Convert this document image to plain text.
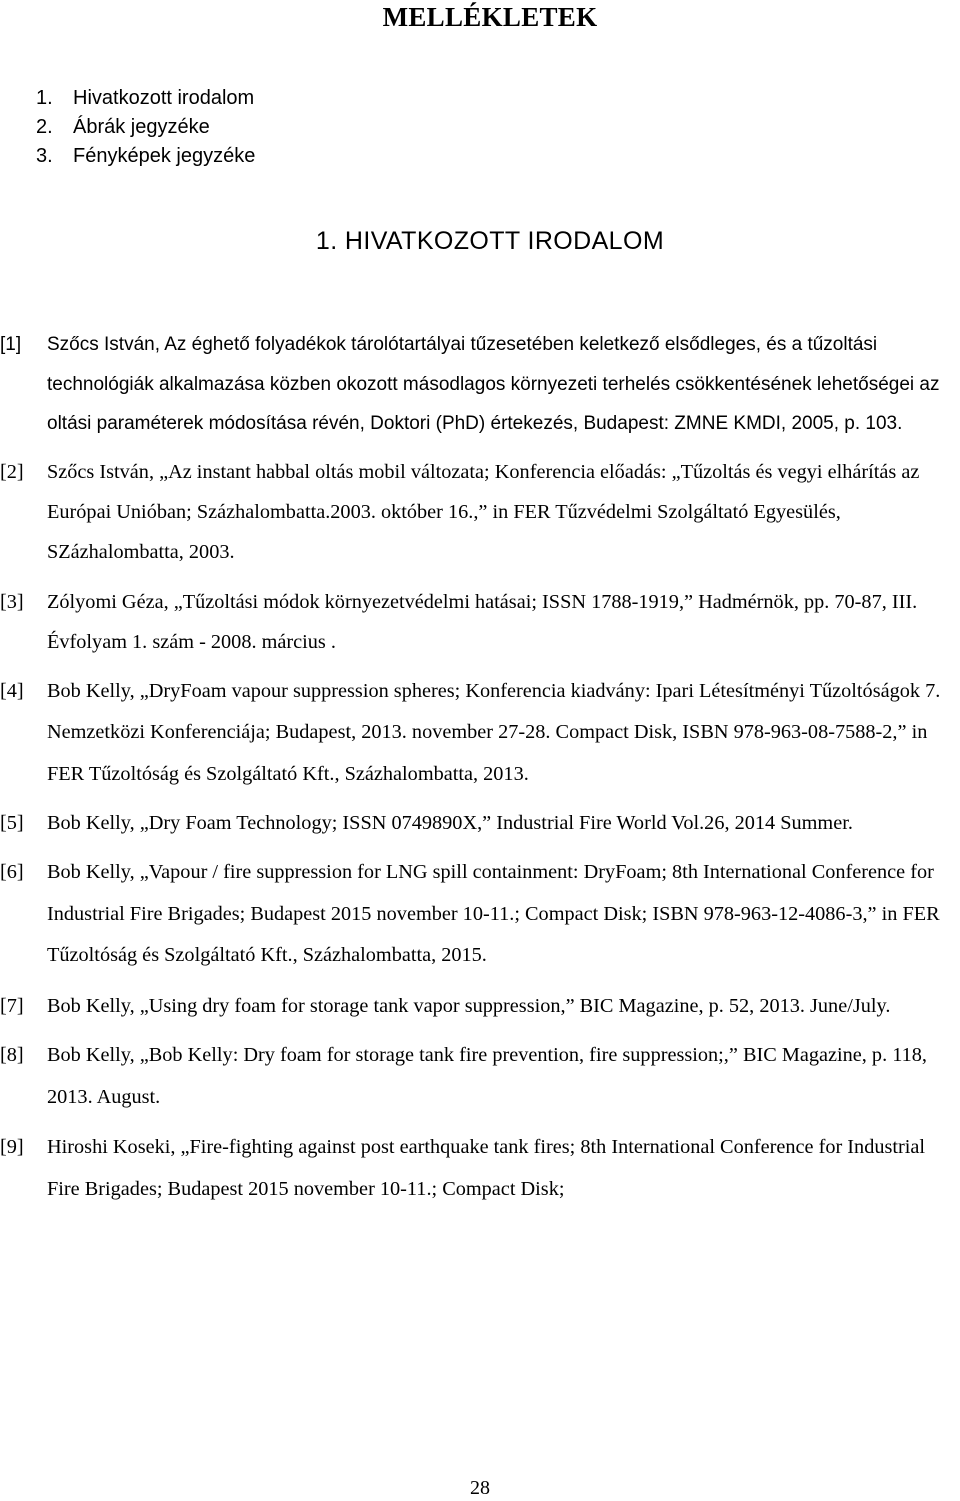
MELLÉKLETEK
1. Hivatkozott irodalom
2. Ábrák jegyzéke
3. Fényképek jegyzéke
1. HIVATKOZOTT IRODALOM
[1] Szőcs István, Az éghető folyadékok tárolótartályai tűzesetében keletkező elsődleges, és a tűzoltási technológiák alkalmazása közben okozott másodlagos környezeti terhelés csökkentésének lehetőségei az oltási paraméterek módosítása révén, Doktori (PhD) értekezés, Budapest: ZMNE KMDI, 2005, p. 103.
[2] Szőcs István, „Az instant habbal oltás mobil változata; Konferencia előadás: „Tűzoltás és vegyi elhárítás az Európai Unióban; Százhalombatta.2003. október 16.,” in FER Tűzvédelmi Szolgáltató Egyesülés, SZázhalombatta, 2003.
[3] Zólyomi Géza, „Tűzoltási módok környezetvédelmi hatásai; ISSN 1788-1919,” Hadmérnök, pp. 70-87, III. Évfolyam 1. szám - 2008. március .
[4] Bob Kelly, „DryFoam vapour suppression spheres; Konferencia kiadvány: Ipari Létesítményi Tűzoltóságok 7. Nemzetközi Konferenciája; Budapest, 2013. november 27-28. Compact Disk, ISBN 978-963-08-7588-2,” in FER Tűzoltóság és Szolgáltató Kft., Százhalombatta, 2013.
[5] Bob Kelly, „Dry Foam Technology; ISSN 0749890X,” Industrial Fire World Vol.26, 2014 Summer.
[6] Bob Kelly, „Vapour / fire suppression for LNG spill containment: DryFoam; 8th International Conference for Industrial Fire Brigades; Budapest 2015 november 10-11.; Compact Disk; ISBN 978-963-12-4086-3,” in FER Tűzoltóság és Szolgáltató Kft., Százhalombatta, 2015.
[7] Bob Kelly, „Using dry foam for storage tank vapor suppression,” BIC Magazine, p. 52, 2013. June/July.
[8] Bob Kelly, „Bob Kelly: Dry foam for storage tank fire prevention, fire suppression;,” BIC Magazine, p. 118, 2013. August.
[9] Hiroshi Koseki, „Fire-fighting against post earthquake tank fires; 8th International Conference for Industrial Fire Brigades; Budapest 2015 november 10-11.; Compact Disk;
28
